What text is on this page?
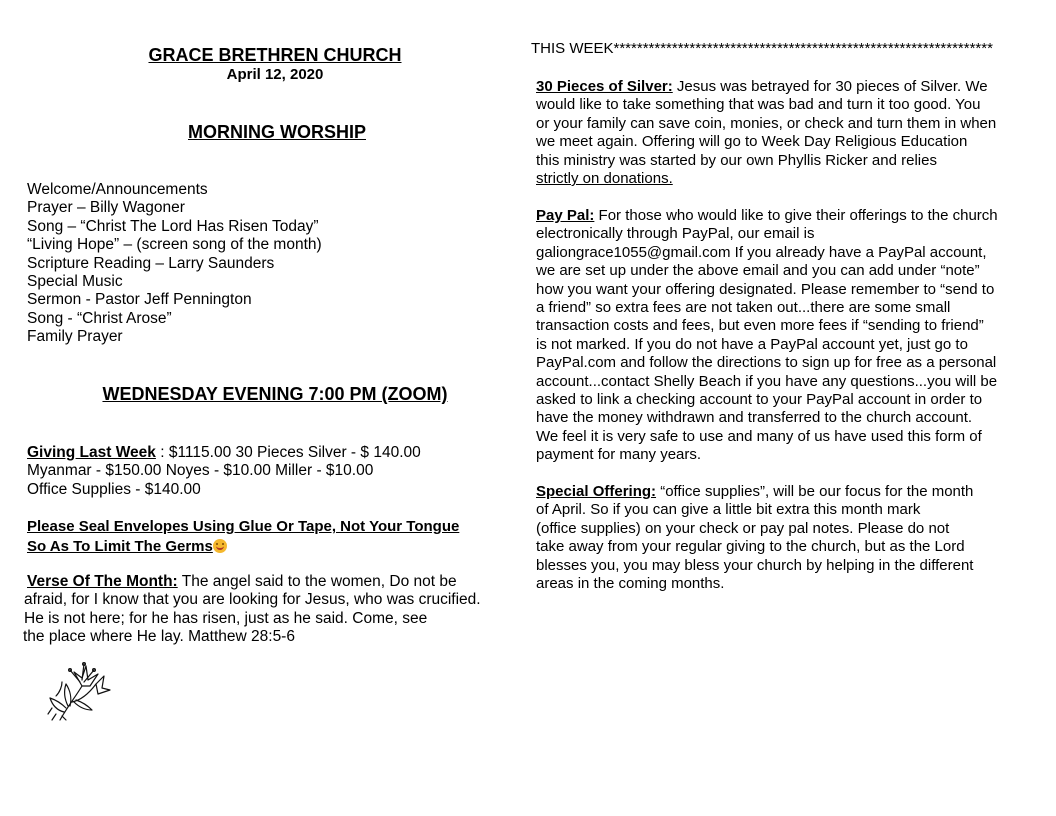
GRACE BRETHREN CHURCH
April 12, 2020
MORNING WORSHIP
Welcome/Announcements
Prayer – Billy Wagoner
Song – “Christ The Lord Has Risen Today”
“Living Hope” – (screen song of the month)
Scripture Reading – Larry Saunders
Special Music
Sermon - Pastor Jeff Pennington
Song - “Christ Arose”
Family Prayer
WEDNESDAY EVENING 7:00 PM (ZOOM)
Giving Last Week : $1115.00 30 Pieces Silver - $ 140.00
Myanmar - $150.00 Noyes - $10.00 Miller - $10.00
Office Supplies - $140.00
Please Seal Envelopes Using Glue Or Tape, Not Your Tongue
So As To Limit The Germs
Verse Of The Month: The angel said to the women, Do not be
afraid, for I know that you are looking for Jesus, who was crucified.
He is not here; for he has risen, just as he said. Come, see
the place where He lay. Matthew 28:5-6
THIS WEEK*****************************************************************
30 Pieces of Silver: Jesus was betrayed for 30 pieces of Silver. We
would like to take something that was bad and turn it too good. You
or your family can save coin, monies, or check and turn them in when
we meet again. Offering will go to Week Day Religious Education
this ministry was started by our own Phyllis Ricker and relies
strictly on donations.
Pay Pal: For those who would like to give their offerings to the church
electronically through PayPal, our email is
galiongrace1055@gmail.com If you already have a PayPal account,
we are set up under the above email and you can add under “note”
how you want your offering designated. Please remember to “send to
a friend” so extra fees are not taken out...there are some small
transaction costs and fees, but even more fees if “sending to friend”
is not marked. If you do not have a PayPal account yet, just go to
PayPal.com and follow the directions to sign up for free as a personal
account...contact Shelly Beach if you have any questions...you will be
asked to link a checking account to your PayPal account in order to
have the money withdrawn and transferred to the church account.
We feel it is very safe to use and many of us have used this form of
payment for many years.
Special Offering: “office supplies”, will be our focus for the month
of April. So if you can give a little bit extra this month mark
(office supplies) on your check or pay pal notes. Please do not
take away from your regular giving to the church, but as the Lord
blesses you, you may bless your church by helping in the different
areas in the coming months.
